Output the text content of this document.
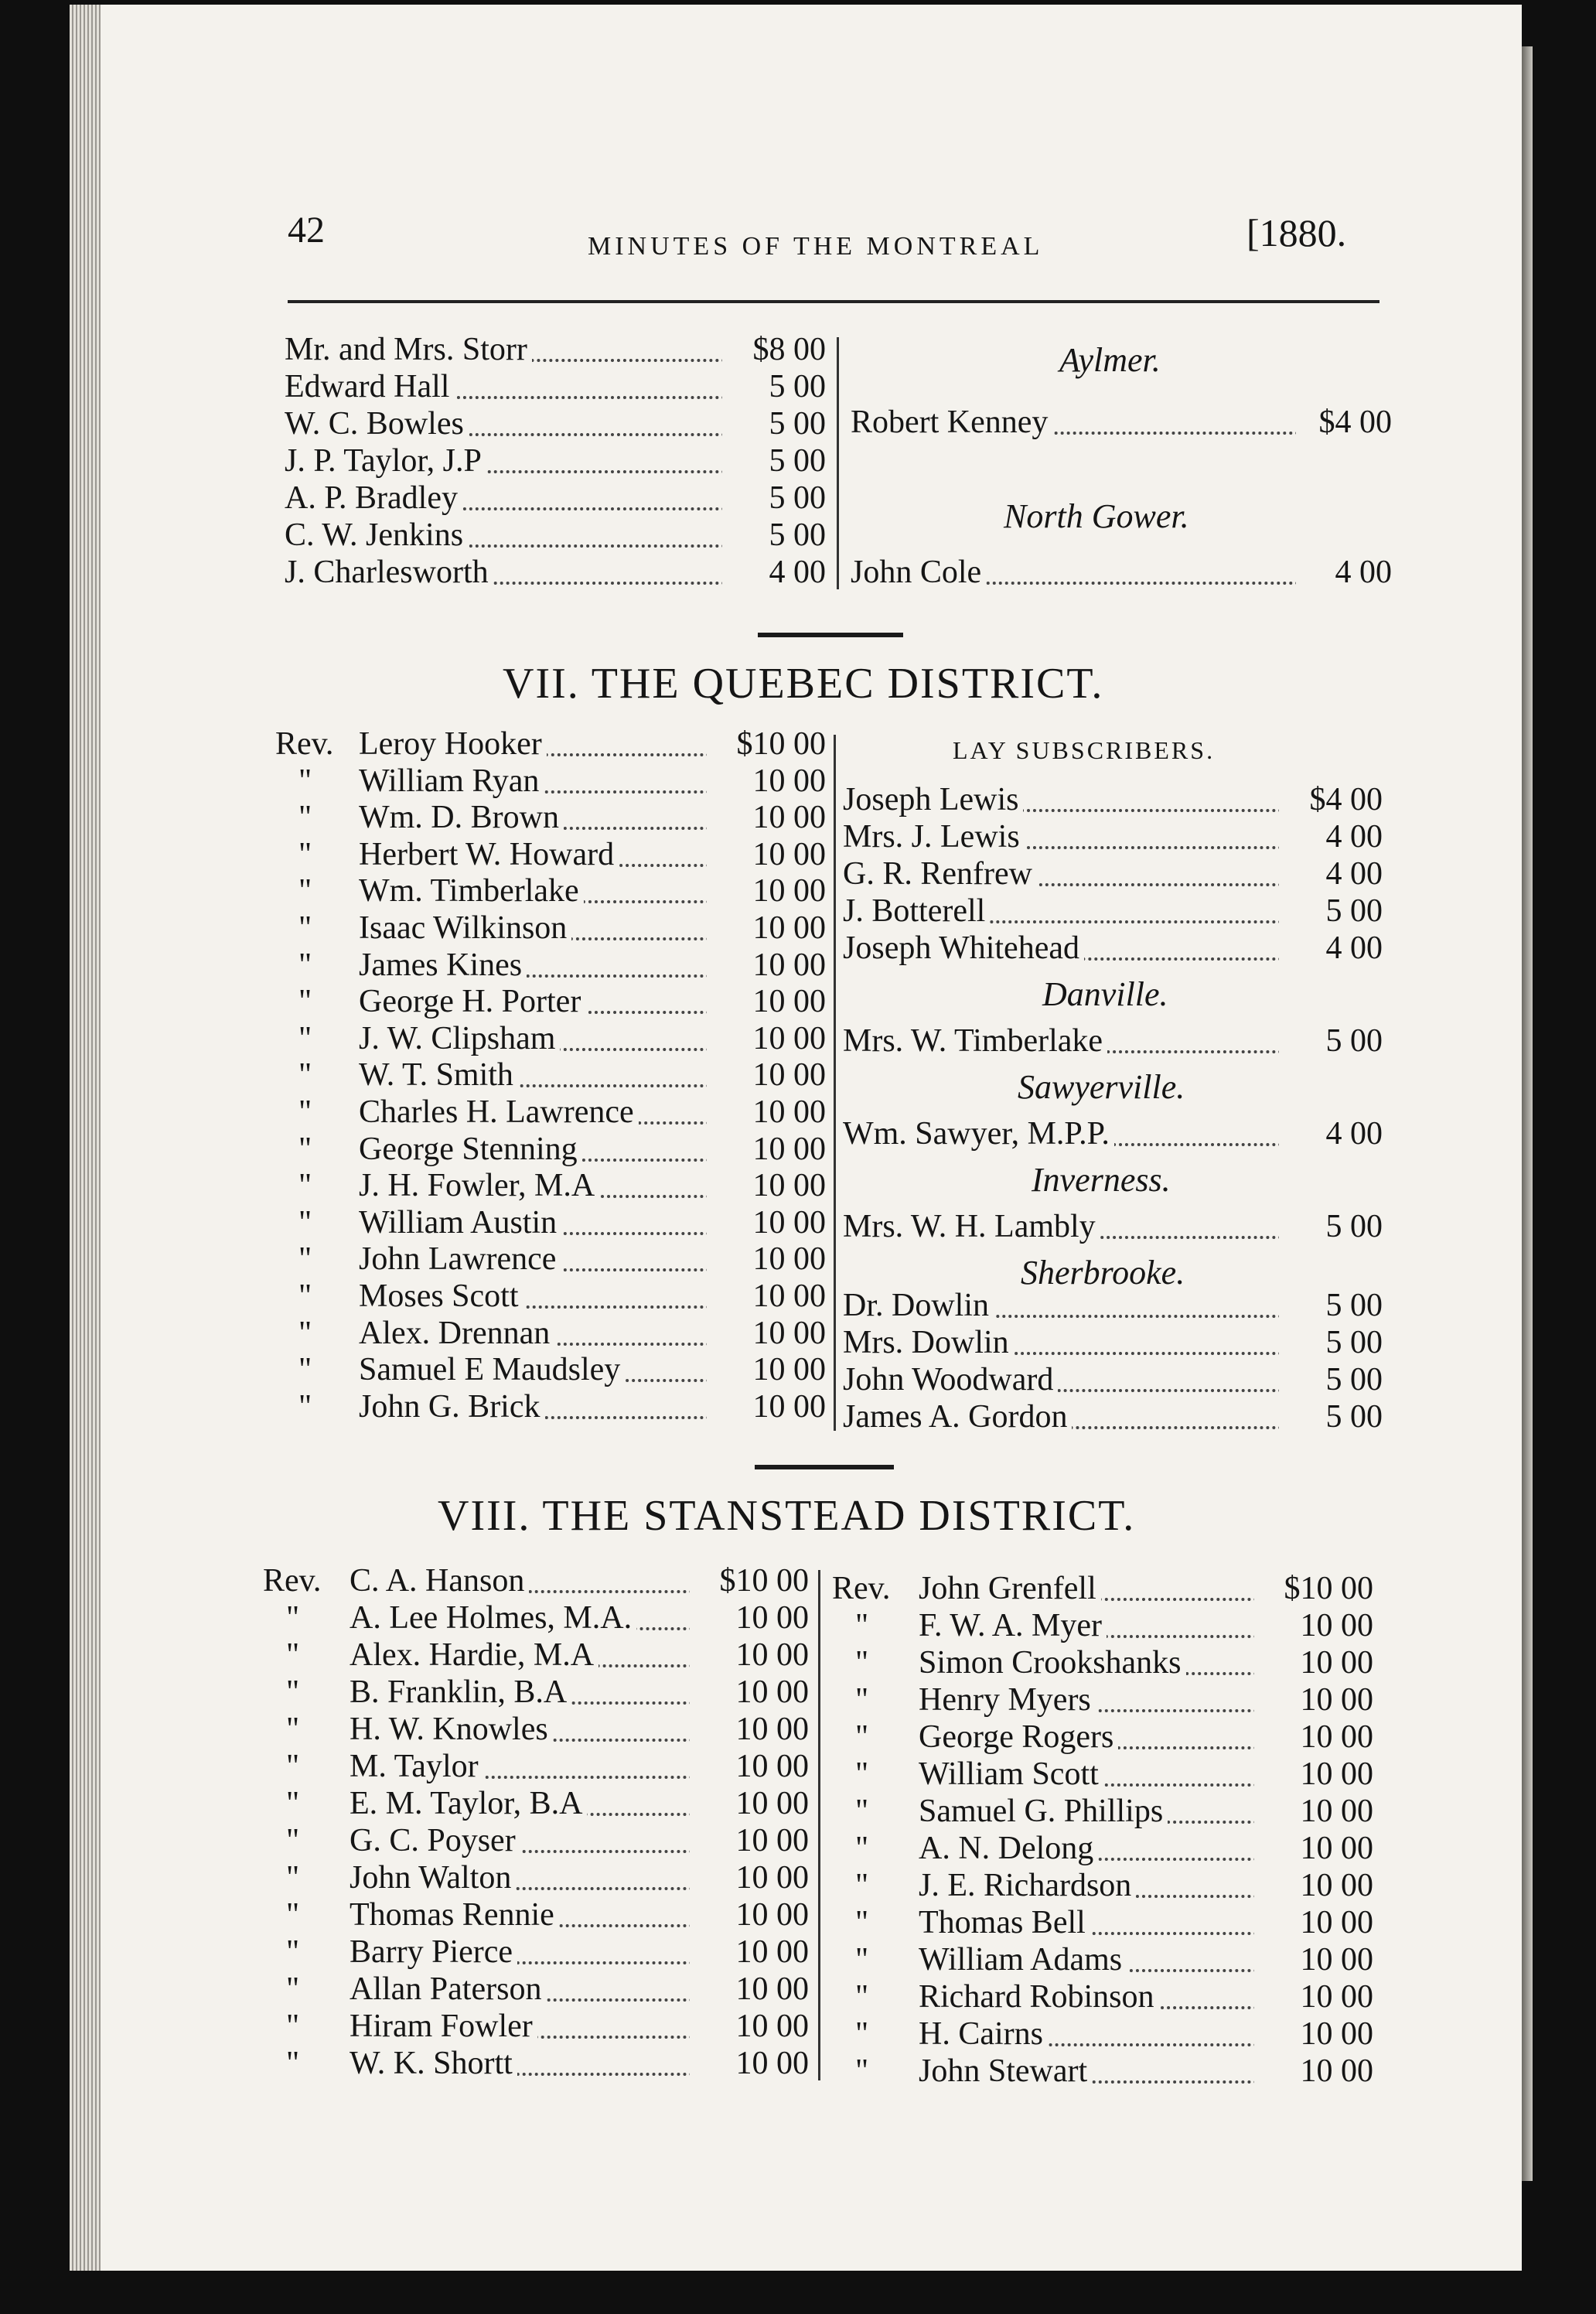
42	MINUTES OF THE MONTREAL	[1880.
Mr. and Mrs. Storr	$8 00
Edward Hall	5 00
W. C. Bowles	5 00
J. P. Taylor, J.P	5 00
A. P. Bradley	5 00
C. W. Jenkins	5 00
J. Charlesworth	4 00
Aylmer.
Robert Kenney	$4 00
North Gower.
John Cole	4 00
VII. THE QUEBEC DISTRICT.
Rev. Leroy Hooker	$10 00
" William Ryan	10 00
" Wm. D. Brown	10 00
" Herbert W. Howard	10 00
" Wm. Timberlake	10 00
" Isaac Wilkinson	10 00
" James Kines	10 00
" George H. Porter	10 00
" J. W. Clipsham	10 00
" W. T. Smith	10 00
" Charles H. Lawrence	10 00
" George Stenning	10 00
" J. H. Fowler, M.A	10 00
" William Austin	10 00
" John Lawrence	10 00
" Moses Scott	10 00
" Alex. Drennan	10 00
" Samuel E Maudsley	10 00
" John G. Brick	10 00
LAY SUBSCRIBERS.
Joseph Lewis	$4 00
Mrs. J. Lewis	4 00
G. R. Renfrew	4 00
J. Botterell	5 00
Joseph Whitehead	4 00
Danville.
Mrs. W. Timberlake	5 00
Sawyerville.
Wm. Sawyer, M.P.P.	4 00
Inverness.
Mrs. W. H. Lambly	5 00
Sherbrooke.
Dr. Dowlin	5 00
Mrs. Dowlin	5 00
John Woodward	5 00
James A. Gordon	5 00
VIII. THE STANSTEAD DISTRICT.
Rev. C. A. Hanson	$10 00
" A. Lee Holmes, M.A.	10 00
" Alex. Hardie, M.A	10 00
" B. Franklin, B.A	10 00
" H. W. Knowles	10 00
" M. Taylor	10 00
" E. M. Taylor, B.A	10 00
" G. C. Poyser	10 00
" John Walton	10 00
" Thomas Rennie	10 00
" Barry Pierce	10 00
" Allan Paterson	10 00
" Hiram Fowler	10 00
" W. K. Shortt	10 00
Rev. John Grenfell	$10 00
" F. W. A. Myer	10 00
" Simon Crookshanks	10 00
" Henry Myers	10 00
" George Rogers	10 00
" William Scott	10 00
" Samuel G. Phillips	10 00
" A. N. Delong	10 00
" J. E. Richardson	10 00
" Thomas Bell	10 00
" William Adams	10 00
" Richard Robinson	10 00
" H. Cairns	10 00
" John Stewart	10 00
